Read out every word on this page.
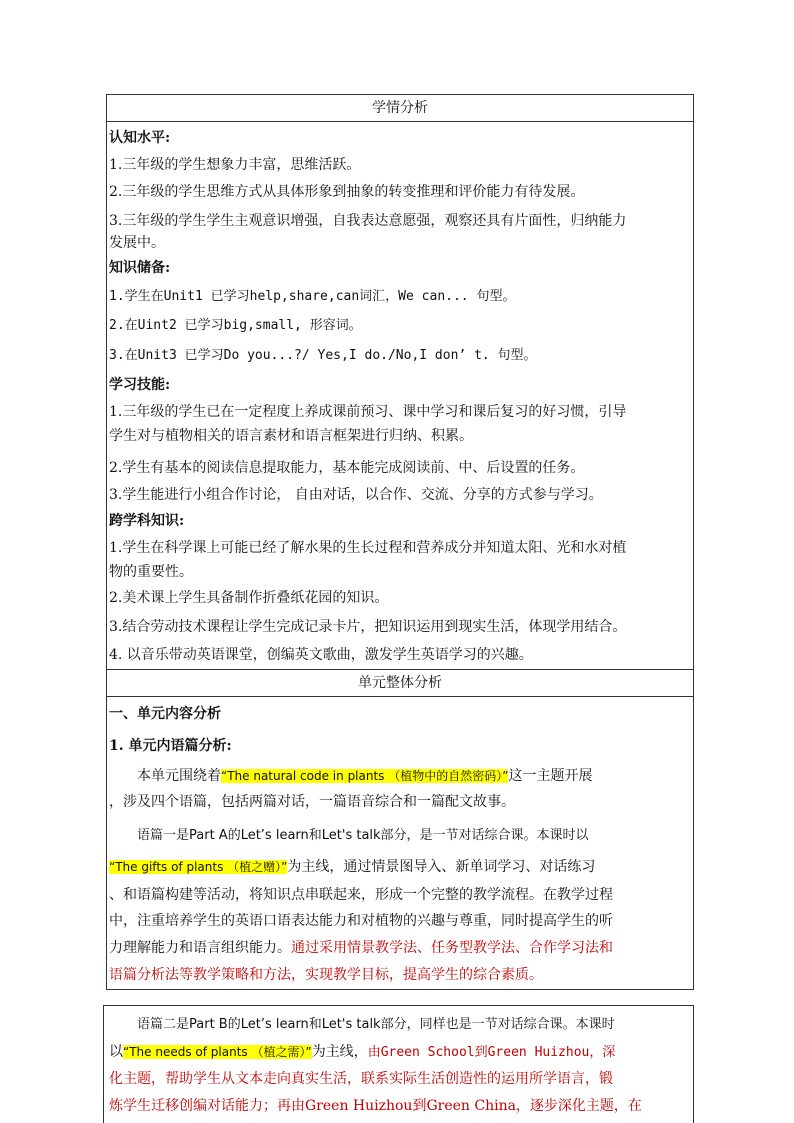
学情分析
认知水平:

1.三年级的学生想象力丰富，思维活跃。

2.三年级的学生思维方式从具体形象到抽象的转变推理和评价能力有待发展。

3.三年级的学生学生主观意识增强，自我表达意愿强，观察还具有片面性，归纳能力

发展中。

知识储备:

1.学生在Unit1 已学习help,share,can词汇，We can... 句型。

2.在Uint2 已学习big,small, 形容词。

3.在Unit3 已学习Do you...?/ Yes,I do./No,I don’ t. 句型。

学习技能:

1.三年级的学生已在一定程度上养成课前预习、课中学习和课后复习的好习惯，引导

学生对与植物相关的语言素材和语言框架进行归纳、积累。

2.学生有基本的阅读信息提取能力，基本能完成阅读前、中、后设置的任务。

3.学生能进行小组合作讨论， 自由对话，以合作、交流、分享的方式参与学习。

跨学科知识:

1.学生在科学课上可能已经了解水果的生长过程和营养成分并知道太阳、光和水对植

物的重要性。

2.美术课上学生具备制作折叠纸花园的知识。

3.结合劳动技术课程让学生完成记录卡片，把知识运用到现实生活，体现学用结合。

4. 以音乐带动英语课堂，创编英文歌曲，激发学生英语学习的兴趣。

单元整体分析
一、单元内容分析
1. 单元内语篇分析:

本单元围绕着“The natural code in plants （植物中的自然密码）”这一主题开展

，涉及四个语篇，包括两篇对话，一篇语音综合和一篇配文故事。

语篇一是Part A的Let’s learn和Let's talk部分，是一节对话综合课。本课时以

“The gifts of plants （植之赠）”为主线，通过情景图导入、新单词学习、对话练习

、和语篇构建等活动，将知识点串联起来，形成一个完整的教学流程。在教学过程

中，注重培养学生的英语口语表达能力和对植物的兴趣与尊重，同时提高学生的听

力理解能力和语言组织能力。通过采用情景教学法、任务型教学法、合作学习法和

语篇分析法等教学策略和方法，实现教学目标，提高学生的综合素质。

语篇二是Part B的Let’s learn和Let's talk部分，同样也是一节对话综合课。本课时

以“The needs of plants （植之需）”为主线，由Green School到Green Huizhou，深

化主题，帮助学生从文本走向真实生活，联系实际生活创造性的运用所学语言，锻

炼学生迁移创编对话能力；再由Green Huizhou到Green China，逐步深化主题，在
